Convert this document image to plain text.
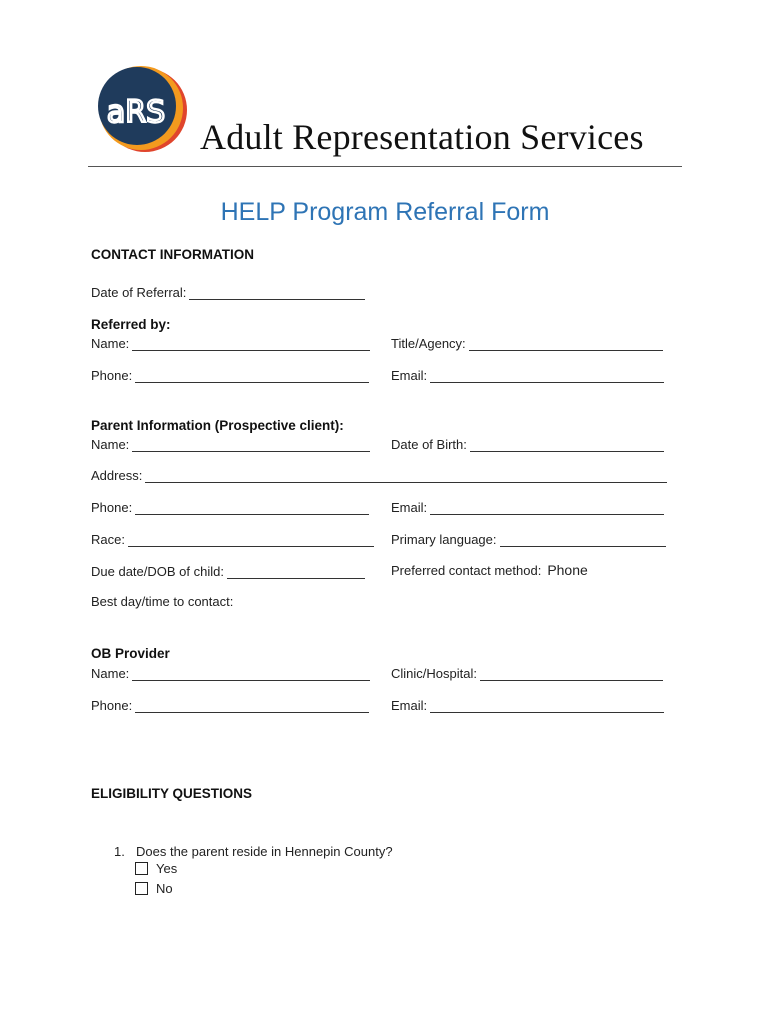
aRS
Adult Representation Services
HELP Program Referral Form
CONTACT INFORMATION
Date of Referral:
Referred by:
Name:	Title/Agency:
Phone:	Email:
Parent Information (Prospective client):
Name:	Date of Birth:
Address:
Phone:	Email:
Race:	Primary language:
Due date/DOB of child:	Preferred contact method: Phone
Best day/time to contact:
OB Provider
Name:	Clinic/Hospital:
Phone:	Email:
ELIGIBILITY QUESTIONS
1. Does the parent reside in Hennepin County?
Yes
No
